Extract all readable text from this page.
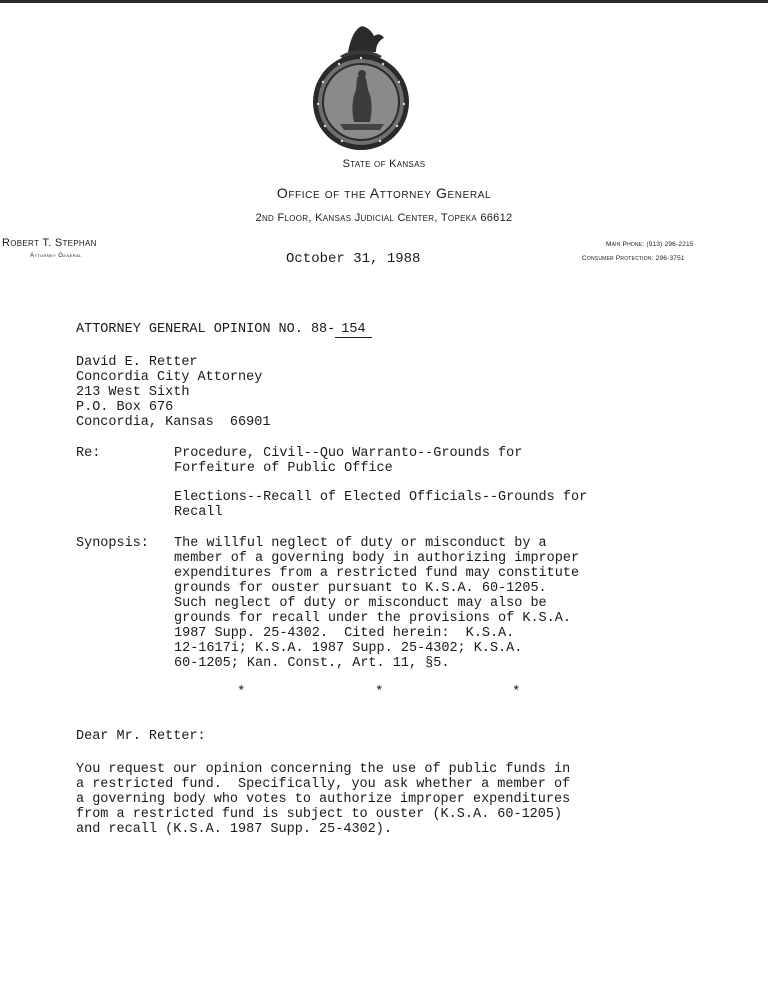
State of Kansas
Office of the Attorney General
2nd Floor, Kansas Judicial Center, Topeka 66612
Robert T. Stephan
Attorney General
Main Phone: (913) 296-2215
Consumer Protection: 296-3751
October 31, 1988
ATTORNEY GENERAL OPINION NO. 88- 154
David E. Retter
Concordia City Attorney
213 West Sixth
P.O. Box 676
Concordia, Kansas  66901
Re:	Procedure, Civil--Quo Warranto--Grounds for
Forfeiture of Public Office
Elections--Recall of Elected Officials--Grounds for
Recall
Synopsis: The willful neglect of duty or misconduct by a
member of a governing body in authorizing improper
expenditures from a restricted fund may constitute
grounds for ouster pursuant to K.S.A. 60-1205.
Such neglect of duty or misconduct may also be
grounds for recall under the provisions of K.S.A.
1987 Supp. 25-4302.  Cited herein:  K.S.A.
12-1617i; K.S.A. 1987 Supp. 25-4302; K.S.A.
60-1205; Kan. Const., Art. 11, §5.
*	*	*
Dear Mr. Retter:
You request our opinion concerning the use of public funds in
a restricted fund.  Specifically, you ask whether a member of
a governing body who votes to authorize improper expenditures
from a restricted fund is subject to ouster (K.S.A. 60-1205)
and recall (K.S.A. 1987 Supp. 25-4302).
